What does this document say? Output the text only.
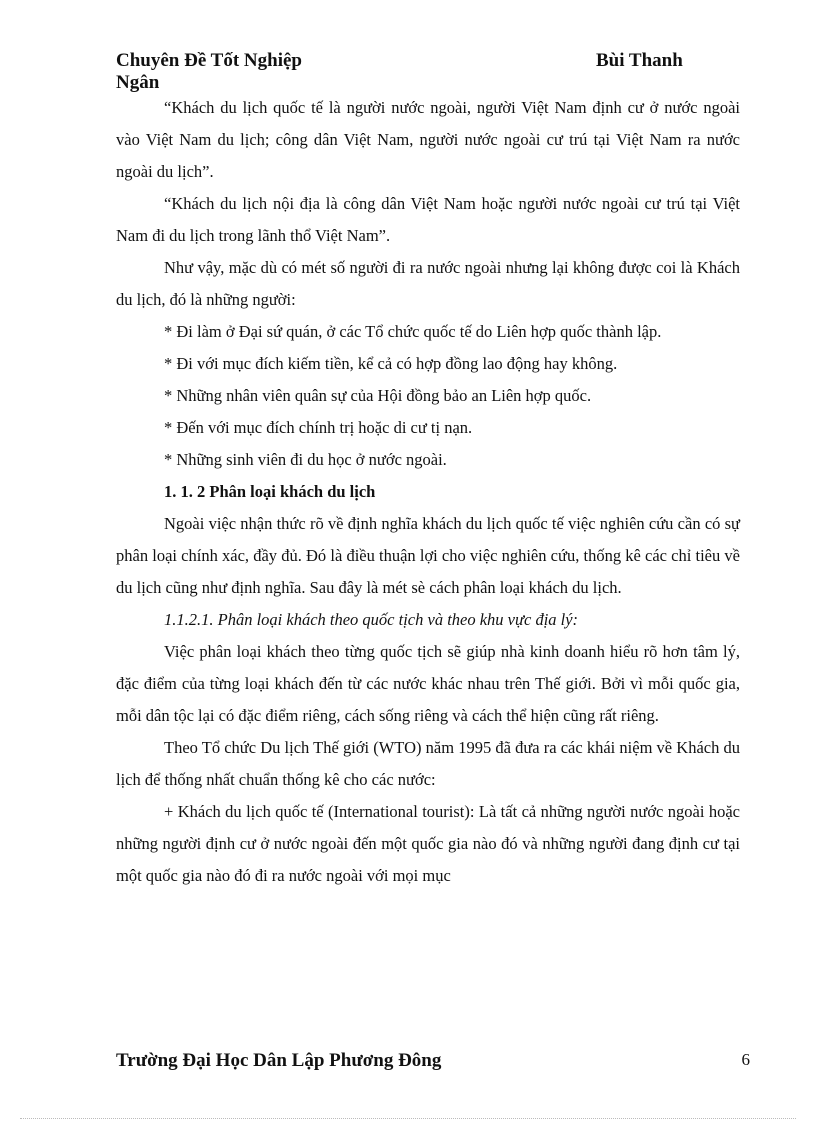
Chuyên Đề Tốt Nghiệp	Bùi Thanh
Ngân

“Khách du lịch quốc tế là người nước ngoài, người Việt Nam định cư ở nước ngoài vào Việt Nam du lịch; công dân Việt Nam, người nước ngoài cư trú tại Việt Nam ra nước ngoài du lịch”.

“Khách du lịch nội địa là công dân Việt Nam hoặc người nước ngoài cư trú tại Việt Nam đi du lịch trong lãnh thổ Việt Nam”.

Như vậy, mặc dù có mét số người đi ra nước ngoài nhưng lại không được coi là Khách du lịch, đó là những người:

* Đi làm ở Đại sứ quán, ở các Tổ chức quốc tế do Liên hợp quốc thành lập.

* Đi với mục đích kiếm tiền, kể cả có hợp đồng lao động hay không.

* Những nhân viên quân sự của Hội đồng bảo an Liên hợp quốc.

* Đến với mục đích chính trị hoặc di cư tị nạn.

* Những sinh viên đi du học ở nước ngoài.

1. 1. 2 Phân loại khách du lịch

Ngoài việc nhận thức rõ về định nghĩa khách du lịch quốc tế việc nghiên cứu cần có sự phân loại chính xác, đầy đủ. Đó là điều thuận lợi cho việc nghiên cứu, thống kê các chỉ tiêu về du lịch cũng như định nghĩa. Sau đây là mét sè cách phân loại khách du lịch.

1.1.2.1. Phân loại khách theo quốc tịch và theo khu vực địa lý:

Việc phân loại khách theo từng quốc tịch sẽ giúp nhà kinh doanh hiểu rõ hơn tâm lý, đặc điểm của từng loại khách đến từ các nước khác nhau trên Thế giới. Bởi vì mỗi quốc gia, mỗi dân tộc lại có đặc điểm riêng, cách sống riêng và cách thể hiện cũng rất riêng.

Theo Tổ chức Du lịch Thế giới (WTO) năm 1995 đã đưa ra các khái niệm về Khách du lịch để thống nhất chuẩn thống kê cho các nước:

+ Khách du lịch quốc tế (International tourist): Là tất cả những người nước ngoài hoặc những người định cư ở nước ngoài đến một quốc gia nào đó và những người đang định cư tại một quốc gia nào đó đi ra nước ngoài với mọi mục

Trường Đại Học Dân Lập Phương Đông	6
